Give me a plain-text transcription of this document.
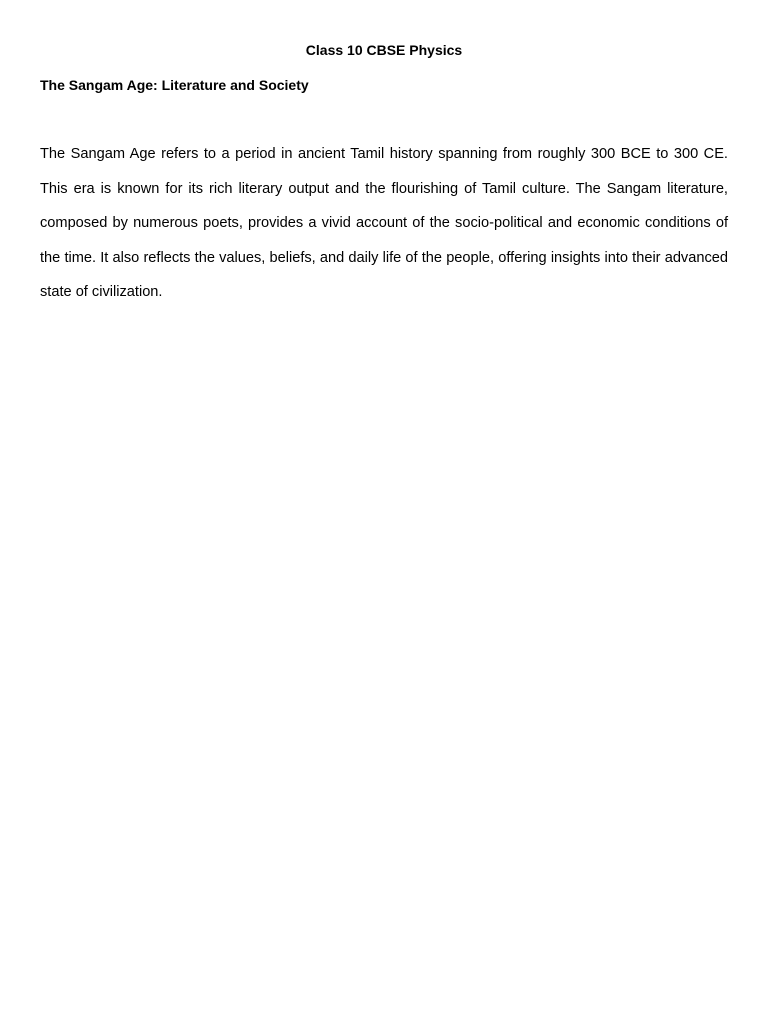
Class 10 CBSE Physics
The Sangam Age: Literature and Society

The Sangam Age refers to a period in ancient Tamil history spanning from roughly 300 BCE to 300 CE. This era is known for its rich literary output and the flourishing of Tamil culture. The Sangam literature, composed by numerous poets, provides a vivid account of the socio-political and economic conditions of the time. It also reflects the values, beliefs, and daily life of the people, offering insights into their advanced state of civilization.
